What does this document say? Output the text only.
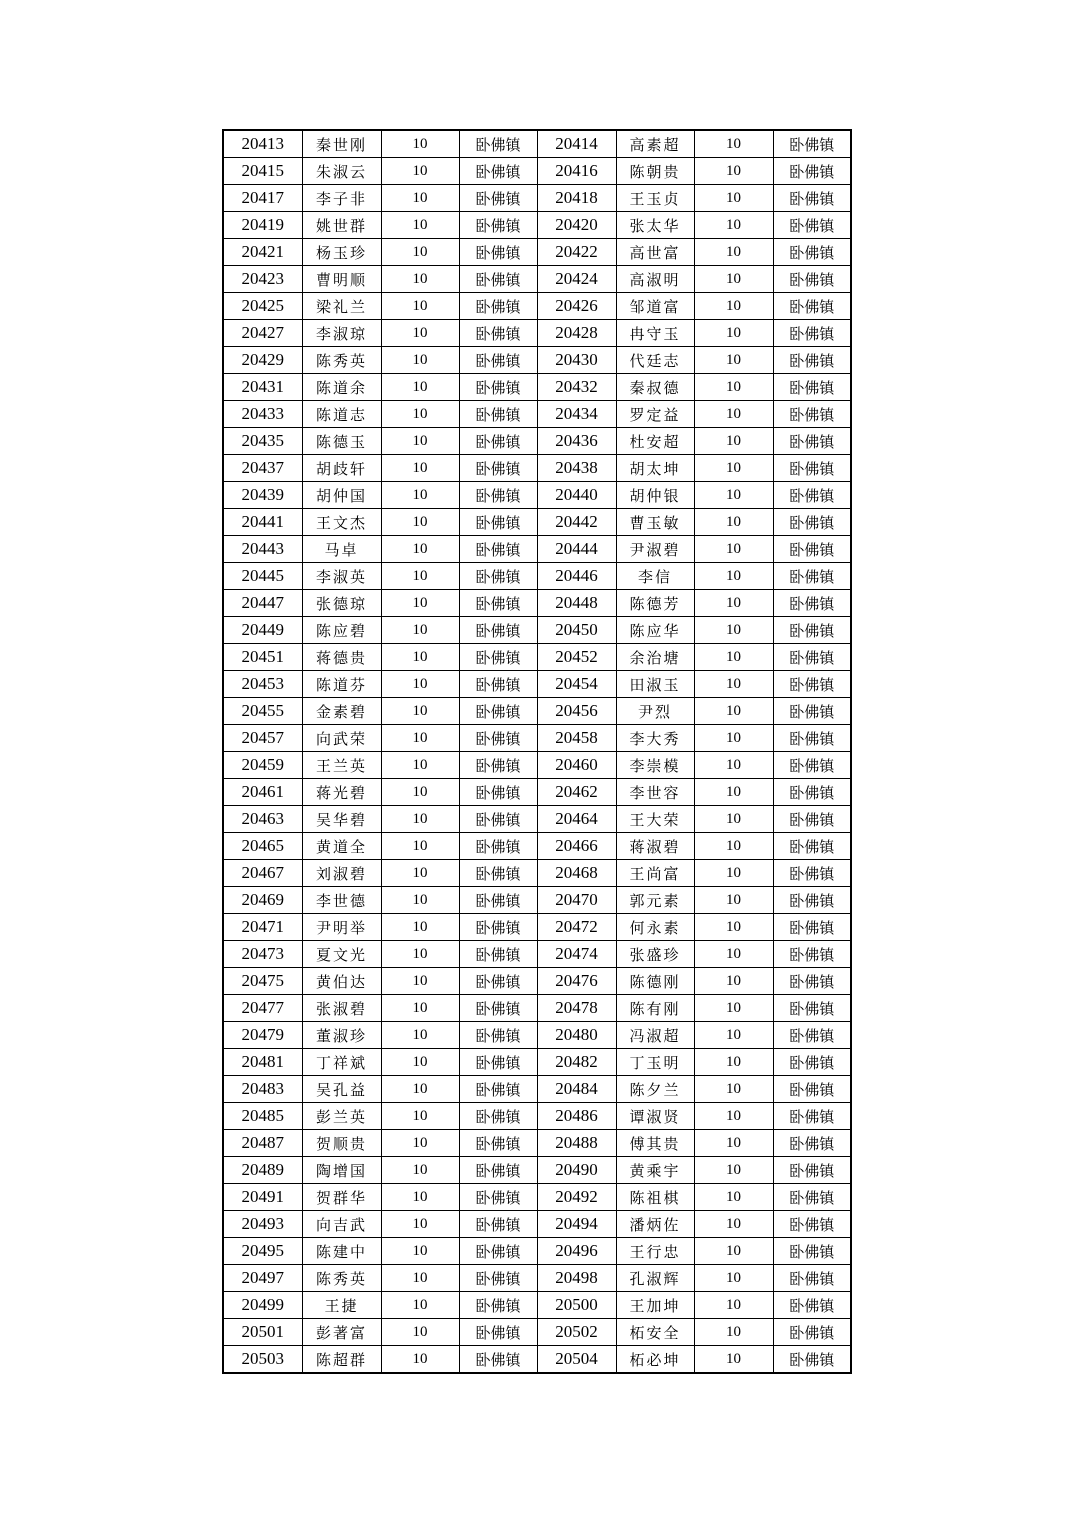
20413	秦世刚	10	卧佛镇	20414	高素超	10	卧佛镇
20415	朱淑云	10	卧佛镇	20416	陈朝贵	10	卧佛镇
20417	李子非	10	卧佛镇	20418	王玉贞	10	卧佛镇
20419	姚世群	10	卧佛镇	20420	张太华	10	卧佛镇
20421	杨玉珍	10	卧佛镇	20422	高世富	10	卧佛镇
20423	曹明顺	10	卧佛镇	20424	高淑明	10	卧佛镇
20425	梁礼兰	10	卧佛镇	20426	邹道富	10	卧佛镇
20427	李淑琼	10	卧佛镇	20428	冉守玉	10	卧佛镇
20429	陈秀英	10	卧佛镇	20430	代廷志	10	卧佛镇
20431	陈道余	10	卧佛镇	20432	秦叔德	10	卧佛镇
20433	陈道志	10	卧佛镇	20434	罗定益	10	卧佛镇
20435	陈德玉	10	卧佛镇	20436	杜安超	10	卧佛镇
20437	胡歧轩	10	卧佛镇	20438	胡太坤	10	卧佛镇
20439	胡仲国	10	卧佛镇	20440	胡仲银	10	卧佛镇
20441	王文杰	10	卧佛镇	20442	曹玉敏	10	卧佛镇
20443	马卓	10	卧佛镇	20444	尹淑碧	10	卧佛镇
20445	李淑英	10	卧佛镇	20446	李信	10	卧佛镇
20447	张德琼	10	卧佛镇	20448	陈德芳	10	卧佛镇
20449	陈应碧	10	卧佛镇	20450	陈应华	10	卧佛镇
20451	蒋德贵	10	卧佛镇	20452	余治塘	10	卧佛镇
20453	陈道芬	10	卧佛镇	20454	田淑玉	10	卧佛镇
20455	金素碧	10	卧佛镇	20456	尹烈	10	卧佛镇
20457	向武荣	10	卧佛镇	20458	李大秀	10	卧佛镇
20459	王兰英	10	卧佛镇	20460	李崇模	10	卧佛镇
20461	蒋光碧	10	卧佛镇	20462	李世容	10	卧佛镇
20463	吴华碧	10	卧佛镇	20464	王大荣	10	卧佛镇
20465	黄道全	10	卧佛镇	20466	蒋淑碧	10	卧佛镇
20467	刘淑碧	10	卧佛镇	20468	王尚富	10	卧佛镇
20469	李世德	10	卧佛镇	20470	郭元素	10	卧佛镇
20471	尹明举	10	卧佛镇	20472	何永素	10	卧佛镇
20473	夏文光	10	卧佛镇	20474	张盛珍	10	卧佛镇
20475	黄伯达	10	卧佛镇	20476	陈德刚	10	卧佛镇
20477	张淑碧	10	卧佛镇	20478	陈有刚	10	卧佛镇
20479	董淑珍	10	卧佛镇	20480	冯淑超	10	卧佛镇
20481	丁祥斌	10	卧佛镇	20482	丁玉明	10	卧佛镇
20483	吴孔益	10	卧佛镇	20484	陈夕兰	10	卧佛镇
20485	彭兰英	10	卧佛镇	20486	谭淑贤	10	卧佛镇
20487	贺顺贵	10	卧佛镇	20488	傅其贵	10	卧佛镇
20489	陶增国	10	卧佛镇	20490	黄乘宇	10	卧佛镇
20491	贺群华	10	卧佛镇	20492	陈祖棋	10	卧佛镇
20493	向吉武	10	卧佛镇	20494	潘炳佐	10	卧佛镇
20495	陈建中	10	卧佛镇	20496	王行忠	10	卧佛镇
20497	陈秀英	10	卧佛镇	20498	孔淑辉	10	卧佛镇
20499	王捷	10	卧佛镇	20500	王加坤	10	卧佛镇
20501	彭著富	10	卧佛镇	20502	柘安全	10	卧佛镇
20503	陈超群	10	卧佛镇	20504	柘必坤	10	卧佛镇
